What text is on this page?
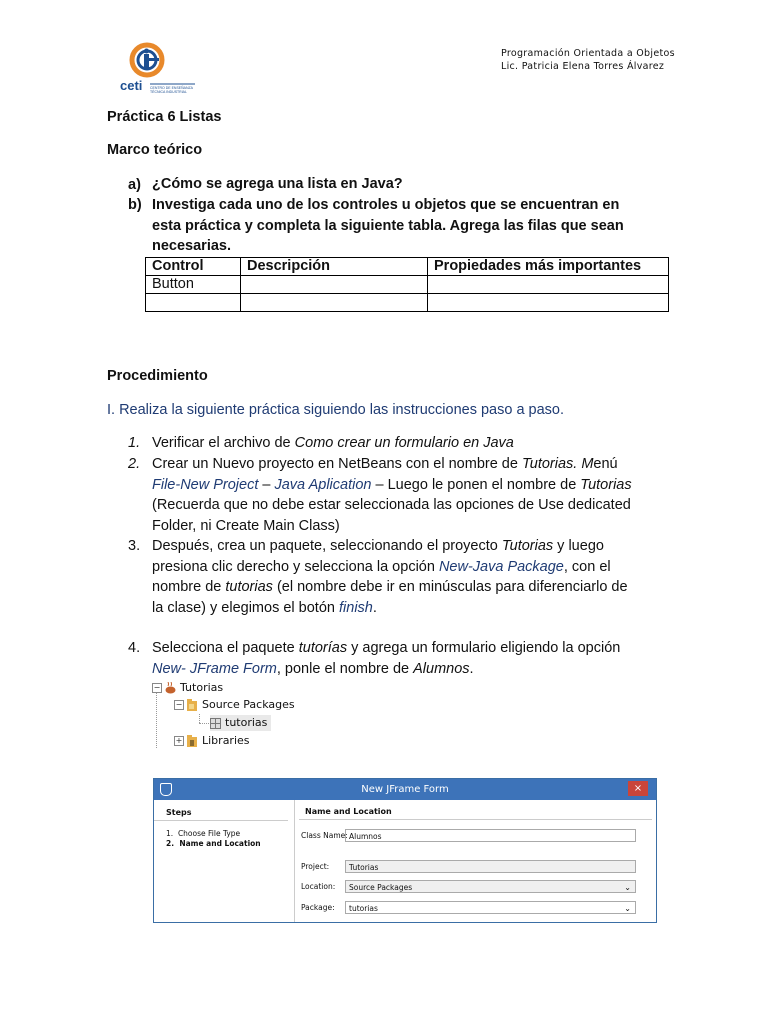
ceti CENTRO DE ENSEÑANZA
TÉCNICA INDUSTRIAL
Programación Orientada a Objetos
Lic. Patricia Elena Torres Álvarez
Práctica 6 Listas
Marco teórico
a) ¿Cómo se agrega una lista en Java?
b) Investiga cada uno de los controles u objetos que se encuentran en
esta práctica y completa la siguiente tabla. Agrega las filas que sean
necesarias.
Control	Descripción	Propiedades más importantes
Button		

Procedimiento
I. Realiza la siguiente práctica siguiendo las instrucciones paso a paso.
1. Verificar el archivo de Como crear un formulario en Java
2. Crear un Nuevo proyecto en NetBeans con el nombre de Tutorias. Menú
File-New Project – Java Aplication – Luego le ponen el nombre de Tutorias
(Recuerda que no debe estar seleccionada las opciones de Use dedicated
Folder, ni Create Main Class)
3. Después, crea un paquete, seleccionando el proyecto Tutorias y luego
presiona clic derecho y selecciona la opción New-Java Package, con el
nombre de tutorias (el nombre debe ir en minúsculas para diferenciarlo de
la clase) y elegimos el botón finish.
4. Selecciona el paquete tutorías y agrega un formulario eligiendo la opción
New- JFrame Form, ponle el nombre de Alumnos.
− Tutorias
− Source Packages
tutorias
+ Libraries
New JFrame Form	×
Steps
1. Choose File Type
2. Name and Location
Name and Location
Class Name: Alumnos
Project:	Tutorias
Location:	Source Packages	⌄
Package:	tutorias	⌄
